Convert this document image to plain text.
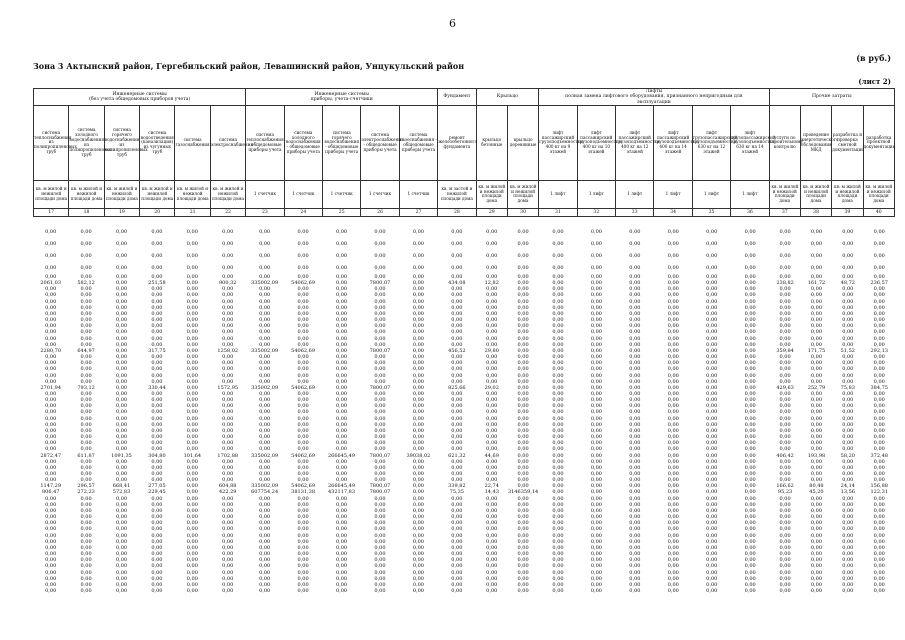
6
(в руб.)
Зона 3 Актынский район, Гергебильский район, Левашинский район, Унцукульский район
(лист 2)
Инженерные системы
(без учета общедомовых приборов учета)						Инженерные системы
приборы, учета-счетчики					Фундамент	Крыльцо		Лифты
полная замена лифтового оборудования, признанного непригодным для
эксплуатации						Прочие затраты			
система теплоснабжения из полипропиленовых труб	система холодного водоснабжения из полипропиленовых труб	система горячего водоснабжения из полипропиленовых труб	система водоотведения (канализация) из чугунных труб	система газоснабжения	система электроснабжения	система теплоснабжения - общедомовые приборы учета	система холодного водоснабжения - общедомовые приборы учета	система горячего водоснабжения - общедомовые приборы учета	система электроснабжения - общедомовые приборы учета	система газоснабжения - общедомовые приборы учета	ремонт железобетонного фундамента	крыльцо бетонные	крыльцо деревянные	лифт пассажирский грузоподъемностью 400 кг на 9 этажей	лифт пассажирский грузоподъемностью 400 кг на 10 этажей	лифт пассажирский грузоподъемностью 400 кг на 12 этажей	лифт пассажирский грузоподъемностью 400 кг на 14 этажей	лифт грузопассажирский грузоподъемностью 630 кг на 12 этажей	лифт грузопассажирский грузоподъемностью 630 кг на 14 этажей	услуги по строительному контролю	проведение энергетического обследования МКД	разработка и проверка сметной документации	разработка проектной документации
кв. м жилой и нежилой площади дома	кв. м жилой и нежилой площади дома	кв. м жилой и нежилой площади дома	кв. м жилой и нежилой площади дома	кв. м жилой и нежилой площади дома	кв. м жилой и нежилой площади дома	1 счетчик	1 счетчик	1 счетчик	1 счетчик	1 счетчик	кв. м застой и нежилой площади дома	кв. м жилой и нежилой площади дома	кв. м жилой и нежилой площади дома	1 лифт	1 лифт	1 лифт	1 лифт	1 лифт	1 лифт	кв. м жилой и нежилой площади дома	кв. м жилой и нежилой площади дома	кв. м жилой и нежилой площади дома	кв. м жилой и нежилой площади дома
17	18	19	20	21	22	23	24	25	26	27	28	29	30	31	32	33	34	35	36	37	38	39	40
0,00	0,00	0,00	0,00	0,00	0,00	0,00	0,00	0,00	0,00	0,00	0,00	0,00	0,00	0,00	0,00	0,00	0,00	0,00	0,00	0,00	0,00	0,00	0,00
0,00	0,00	0,00	0,00	0,00	0,00	0,00	0,00	0,00	0,00	0,00	0,00	0,00	0,00	0,00	0,00	0,00	0,00	0,00	0,00	0,00	0,00	0,00	0,00
0,00	0,00	0,00	0,00	0,00	0,00	0,00	0,00	0,00	0,00	0,00	0,00	0,00	0,00	0,00	0,00	0,00	0,00	0,00	0,00	0,00	0,00	0,00	0,00
0,00	0,00	0,00	0,00	0,00	0,00	0,00	0,00	0,00	0,00	0,00	0,00	0,00	0,00	0,00	0,00	0,00	0,00	0,00	0,00	0,00	0,00	0,00	0,00
0,00	0,00	0,00	0,00	0,00	0,00	0,00	0,00	0,00	0,00	0,00	0,00	0,00	0,00	0,00	0,00	0,00	0,00	0,00	0,00	0,00	0,00	0,00	0,00
2061,03	582,12	0,00	251,58	0,00	900,32	335002,09	54062,69	0,00	7800,07	0,00	434,08	12,82	0,00	0,00	0,00	0,00	0,00	0,00	0,00	238,82	161,72	48,72	236,57
0,00	0,00	0,00	0,00	0,00	0,00	0,00	0,00	0,00	0,00	0,00	0,00	0,00	0,00	0,00	0,00	0,00	0,00	0,00	0,00	0,00	0,00	0,00	0,00
0,00	0,00	0,00	0,00	0,00	0,00	0,00	0,00	0,00	0,00	0,00	0,00	0,00	0,00	0,00	0,00	0,00	0,00	0,00	0,00	0,00	0,00	0,00	0,00
0,00	0,00	0,00	0,00	0,00	0,00	0,00	0,00	0,00	0,00	0,00	0,00	0,00	0,00	0,00	0,00	0,00	0,00	0,00	0,00	0,00	0,00	0,00	0,00
0,00	0,00	0,00	0,00	0,00	0,00	0,00	0,00	0,00	0,00	0,00	0,00	0,00	0,00	0,00	0,00	0,00	0,00	0,00	0,00	0,00	0,00	0,00	0,00
0,00	0,00	0,00	0,00	0,00	0,00	0,00	0,00	0,00	0,00	0,00	0,00	0,00	0,00	0,00	0,00	0,00	0,00	0,00	0,00	0,00	0,00	0,00	0,00
0,00	0,00	0,00	0,00	0,00	0,00	0,00	0,00	0,00	0,00	0,00	0,00	0,00	0,00	0,00	0,00	0,00	0,00	0,00	0,00	0,00	0,00	0,00	0,00
0,00	0,00	0,00	0,00	0,00	0,00	0,00	0,00	0,00	0,00	0,00	0,00	0,00	0,00	0,00	0,00	0,00	0,00	0,00	0,00	0,00	0,00	0,00	0,00
0,00	0,00	0,00	0,00	0,00	0,00	0,00	0,00	0,00	0,00	0,00	0,00	0,00	0,00	0,00	0,00	0,00	0,00	0,00	0,00	0,00	0,00	0,00	0,00
0,00	0,00	0,00	0,00	0,00	0,00	0,00	0,00	0,00	0,00	0,00	0,00	0,00	0,00	0,00	0,00	0,00	0,00	0,00	0,00	0,00	0,00	0,00	0,00
0,00	0,00	0,00	0,00	0,00	0,00	0,00	0,00	0,00	0,00	0,00	0,00	0,00	0,00	0,00	0,00	0,00	0,00	0,00	0,00	0,00	0,00	0,00	0,00
2280,70	644,97	0,00	317,75	0,00	1258,02	335002,09	54062,69	0,00	7800,07	0,00	456,52	29,80	0,00	0,00	0,00	0,00	0,00	0,00	0,00	359,84	171,75	51,52	292,13
0,00	0,00	0,00	0,00	0,00	0,00	0,00	0,00	0,00	0,00	0,00	0,00	0,00	0,00	0,00	0,00	0,00	0,00	0,00	0,00	0,00	0,00	0,00	0,00
0,00	0,00	0,00	0,00	0,00	0,00	0,00	0,00	0,00	0,00	0,00	0,00	0,00	0,00	0,00	0,00	0,00	0,00	0,00	0,00	0,00	0,00	0,00	0,00
0,00	0,00	0,00	0,00	0,00	0,00	0,00	0,00	0,00	0,00	0,00	0,00	0,00	0,00	0,00	0,00	0,00	0,00	0,00	0,00	0,00	0,00	0,00	0,00
0,00	0,00	0,00	0,00	0,00	0,00	0,00	0,00	0,00	0,00	0,00	0,00	0,00	0,00	0,00	0,00	0,00	0,00	0,00	0,00	0,00	0,00	0,00	0,00
0,00	0,00	0,00	0,00	0,00	0,00	0,00	0,00	0,00	0,00	0,00	0,00	0,00	0,00	0,00	0,00	0,00	0,00	0,00	0,00	0,00	0,00	0,00	0,00
2701,94	793,12	0,00	330,44	0,00	1572,95	335002,09	54062,69	0,00	7800,07	0,00	825,66	29,02	0,00	0,00	0,00	0,00	0,00	0,00	0,00	429,63	252,79	75,83	384,75
0,00	0,00	0,00	0,00	0,00	0,00	0,00	0,00	0,00	0,00	0,00	0,00	0,00	0,00	0,00	0,00	0,00	0,00	0,00	0,00	0,00	0,00	0,00	0,00
0,00	0,00	0,00	0,00	0,00	0,00	0,00	0,00	0,00	0,00	0,00	0,00	0,00	0,00	0,00	0,00	0,00	0,00	0,00	0,00	0,00	0,00	0,00	0,00
0,00	0,00	0,00	0,00	0,00	0,00	0,00	0,00	0,00	0,00	0,00	0,00	0,00	0,00	0,00	0,00	0,00	0,00	0,00	0,00	0,00	0,00	0,00	0,00
0,00	0,00	0,00	0,00	0,00	0,00	0,00	0,00	0,00	0,00	0,00	0,00	0,00	0,00	0,00	0,00	0,00	0,00	0,00	0,00	0,00	0,00	0,00	0,00
0,00	0,00	0,00	0,00	0,00	0,00	0,00	0,00	0,00	0,00	0,00	0,00	0,00	0,00	0,00	0,00	0,00	0,00	0,00	0,00	0,00	0,00	0,00	0,00
0,00	0,00	0,00	0,00	0,00	0,00	0,00	0,00	0,00	0,00	0,00	0,00	0,00	0,00	0,00	0,00	0,00	0,00	0,00	0,00	0,00	0,00	0,00	0,00
0,00	0,00	0,00	0,00	0,00	0,00	0,00	0,00	0,00	0,00	0,00	0,00	0,00	0,00	0,00	0,00	0,00	0,00	0,00	0,00	0,00	0,00	0,00	0,00
0,00	0,00	0,00	0,00	0,00	0,00	0,00	0,00	0,00	0,00	0,00	0,00	0,00	0,00	0,00	0,00	0,00	0,00	0,00	0,00	0,00	0,00	0,00	0,00
0,00	0,00	0,00	0,00	0,00	0,00	0,00	0,00	0,00	0,00	0,00	0,00	0,00	0,00	0,00	0,00	0,00	0,00	0,00	0,00	0,00	0,00	0,00	0,00
0,00	0,00	0,00	0,00	0,00	0,00	0,00	0,00	0,00	0,00	0,00	0,00	0,00	0,00	0,00	0,00	0,00	0,00	0,00	0,00	0,00	0,00	0,00	0,00
2872,47	611,87	1091,35	304,80	101,64	1702,88	335002,09	54062,69	266645,49	7800,07	39038,02	621,32	44,69	0,00	0,00	0,00	0,00	0,00	0,00	0,00	406,42	193,98	58,20	372,48
0,00	0,00	0,00	0,00	0,00	0,00	0,00	0,00	0,00	0,00	0,00	0,00	0,00	0,00	0,00	0,00	0,00	0,00	0,00	0,00	0,00	0,00	0,00	0,00
0,00	0,00	0,00	0,00	0,00	0,00	0,00	0,00	0,00	0,00	0,00	0,00	0,00	0,00	0,00	0,00	0,00	0,00	0,00	0,00	0,00	0,00	0,00	0,00
0,00	0,00	0,00	0,00	0,00	0,00	0,00	0,00	0,00	0,00	0,00	0,00	0,00	0,00	0,00	0,00	0,00	0,00	0,00	0,00	0,00	0,00	0,00	0,00
0,00	0,00	0,00	0,00	0,00	0,00	0,00	0,00	0,00	0,00	0,00	0,00	0,00	0,00	0,00	0,00	0,00	0,00	0,00	0,00	0,00	0,00	0,00	0,00
1147,29	296,57	668,41	277,05	0,00	604,88	335002,09	54062,69	266645,49	7800,07	0,00	339,82	22,74	0,00	0,00	0,00	0,00	0,00	0,00	0,00	166,62	80,48	24,14	156,88
806,47	272,23	572,83	229,45	0,00	422,29	607754,24	38131,38	432117,83	7800,07	0,00	75,35	14,43	3146359,14	0,00	0,00	0,00	0,00	0,00	0,00	95,23	45,20	13,56	122,31
0,00	0,00	0,00	0,00	0,00	0,00	0,00	0,00	0,00	0,00	0,00	0,00	0,00	0,00	0,00	0,00	0,00	0,00	0,00	0,00	0,00	0,00	0,00	0,00
0,00	0,00	0,00	0,00	0,00	0,00	0,00	0,00	0,00	0,00	0,00	0,00	0,00	0,00	0,00	0,00	0,00	0,00	0,00	0,00	0,00	0,00	0,00	0,00
0,00	0,00	0,00	0,00	0,00	0,00	0,00	0,00	0,00	0,00	0,00	0,00	0,00	0,00	0,00	0,00	0,00	0,00	0,00	0,00	0,00	0,00	0,00	0,00
0,00	0,00	0,00	0,00	0,00	0,00	0,00	0,00	0,00	0,00	0,00	0,00	0,00	0,00	0,00	0,00	0,00	0,00	0,00	0,00	0,00	0,00	0,00	0,00
0,00	0,00	0,00	0,00	0,00	0,00	0,00	0,00	0,00	0,00	0,00	0,00	0,00	0,00	0,00	0,00	0,00	0,00	0,00	0,00	0,00	0,00	0,00	0,00
0,00	0,00	0,00	0,00	0,00	0,00	0,00	0,00	0,00	0,00	0,00	0,00	0,00	0,00	0,00	0,00	0,00	0,00	0,00	0,00	0,00	0,00	0,00	0,00
0,00	0,00	0,00	0,00	0,00	0,00	0,00	0,00	0,00	0,00	0,00	0,00	0,00	0,00	0,00	0,00	0,00	0,00	0,00	0,00	0,00	0,00	0,00	0,00
0,00	0,00	0,00	0,00	0,00	0,00	0,00	0,00	0,00	0,00	0,00	0,00	0,00	0,00	0,00	0,00	0,00	0,00	0,00	0,00	0,00	0,00	0,00	0,00
0,00	0,00	0,00	0,00	0,00	0,00	0,00	0,00	0,00	0,00	0,00	0,00	0,00	0,00	0,00	0,00	0,00	0,00	0,00	0,00	0,00	0,00	0,00	0,00
0,00	0,00	0,00	0,00	0,00	0,00	0,00	0,00	0,00	0,00	0,00	0,00	0,00	0,00	0,00	0,00	0,00	0,00	0,00	0,00	0,00	0,00	0,00	0,00
0,00	0,00	0,00	0,00	0,00	0,00	0,00	0,00	0,00	0,00	0,00	0,00	0,00	0,00	0,00	0,00	0,00	0,00	0,00	0,00	0,00	0,00	0,00	0,00
0,00	0,00	0,00	0,00	0,00	0,00	0,00	0,00	0,00	0,00	0,00	0,00	0,00	0,00	0,00	0,00	0,00	0,00	0,00	0,00	0,00	0,00	0,00	0,00
0,00	0,00	0,00	0,00	0,00	0,00	0,00	0,00	0,00	0,00	0,00	0,00	0,00	0,00	0,00	0,00	0,00	0,00	0,00	0,00	0,00	0,00	0,00	0,00
0,00	0,00	0,00	0,00	0,00	0,00	0,00	0,00	0,00	0,00	0,00	0,00	0,00	0,00	0,00	0,00	0,00	0,00	0,00	0,00	0,00	0,00	0,00	0,00
0,00	0,00	0,00	0,00	0,00	0,00	0,00	0,00	0,00	0,00	0,00	0,00	0,00	0,00	0,00	0,00	0,00	0,00	0,00	0,00	0,00	0,00	0,00	0,00
0,00	0,00	0,00	0,00	0,00	0,00	0,00	0,00	0,00	0,00	0,00	0,00	0,00	0,00	0,00	0,00	0,00	0,00	0,00	0,00	0,00	0,00	0,00	0,00
